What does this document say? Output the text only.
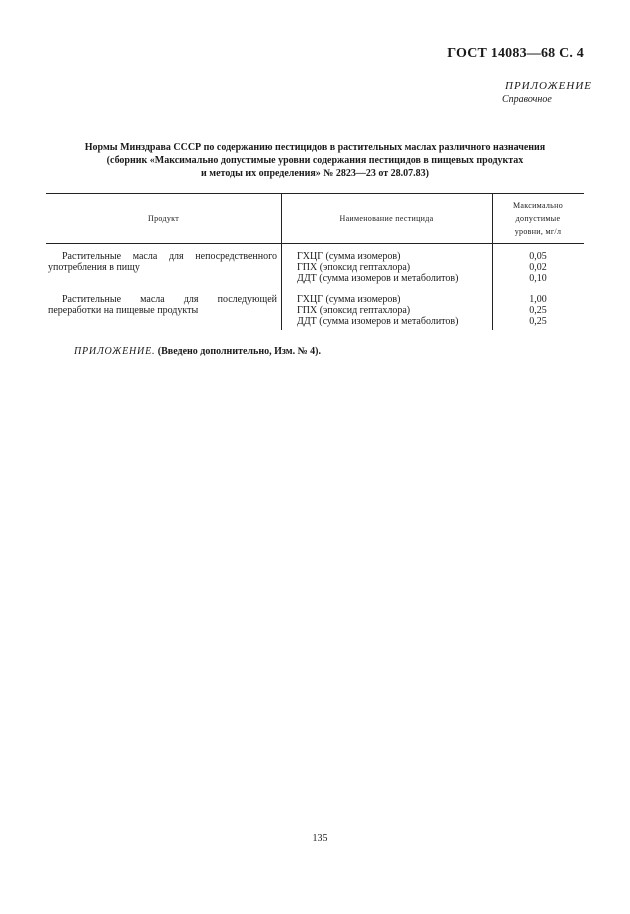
ГОСТ 14083—68 С. 4
ПРИЛОЖЕНИЕ
Справочное
Нормы Минздрава СССР по содержанию пестицидов в растительных маслах различного назначения
(сборник «Максимально допустимые уровни содержания пестицидов в пищевых продуктах
и методы их определения» № 2823—23 от 28.07.83)
Продукт	Наименование пестицида
Максимально
допустимые
уровни, мг/л
Растительные масла для непосредственного употребления в пищу
ГХЦГ (сумма изомеров)
ГПХ (эпоксид гептахлора)
ДДТ (сумма изомеров и метаболитов)
0,05
0,02
0,10
Растительные масла для последующей переработки на пищевые продукты
ГХЦГ (сумма изомеров)
ГПХ (эпоксид гептахлора)
ДДТ (сумма изомеров и метаболитов)
1,00
0,25
0,25
ПРИЛОЖЕНИЕ. (Введено дополнительно, Изм. № 4).
135
